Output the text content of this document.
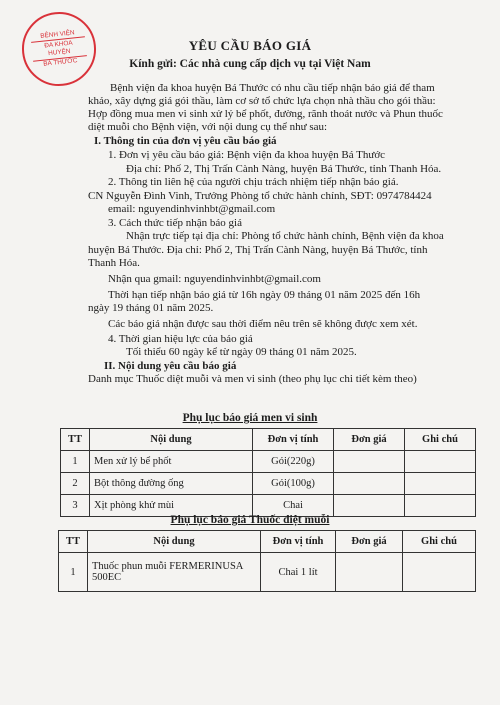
BỆNH VIỆN
ĐA KHOA
HUYỆN
BÁ THƯỚC
YÊU CẦU BÁO GIÁ
Kính gửi: Các nhà cung cấp dịch vụ tại Việt Nam
Bệnh viện đa khoa huyện Bá Thước có nhu cầu tiếp nhận báo giá để tham
khảo, xây dựng giá gói thầu, làm cơ sở tổ chức lựa chọn nhà thầu cho gói thầu:
Hợp đồng mua men vi sinh xử lý bể phốt, đường, rãnh thoát nước và Phun thuốc
diệt muỗi cho Bệnh viện, với nội dung cụ thể như sau:
I. Thông tin của đơn vị yêu cầu báo giá
1. Đơn vị yêu cầu báo giá: Bệnh viện đa khoa huyện Bá Thước
Địa chỉ: Phố 2, Thị Trấn Cành Nàng, huyện Bá Thước, tỉnh Thanh Hóa.
2. Thông tin liên hệ của người chịu trách nhiệm tiếp nhận báo giá.
CN Nguyễn Đình Vinh, Trưởng Phòng tổ chức hành chính, SĐT: 0974784424
email: nguyendinhvinhbt@gmail.com
3. Cách thức tiếp nhận báo giá
Nhận trực tiếp tại địa chỉ: Phòng tổ chức hành chính, Bệnh viện đa khoa
huyện Bá Thước. Địa chỉ: Phố 2, Thị Trấn Cành Nàng, huyện Bá Thước, tỉnh
Thanh Hóa.
Nhận qua gmail: nguyendinhvinhbt@gmail.com
Thời hạn tiếp nhận báo giá từ 16h ngày 09 tháng 01 năm 2025 đến 16h
ngày 19 tháng 01 năm 2025.
Các báo giá nhận được sau thời điểm nêu trên sẽ không được xem xét.
4. Thời gian hiệu lực của báo giá
Tối thiểu 60 ngày kể từ ngày 09 tháng 01 năm 2025.
II. Nội dung yêu cầu báo giá
Danh mục Thuốc diệt muỗi và men vi sinh (theo phụ lục chi tiết kèm theo)
Phụ lục báo giá men vi sinh
TT	Nội dung	Đơn vị tính	Đơn giá	Ghi chú
1	Men xử lý bể phốt	Gói(220g)		
2	Bột thông đường ống	Gói(100g)		
3	Xịt phòng khử mùi	Chai		
Phụ lục báo giá Thuốc diệt muỗi
TT	Nội dung	Đơn vị tính	Đơn giá	Ghi chú
1	Thuốc phun muỗi FERMERINUSA 500EC	Chai 1 lít		
